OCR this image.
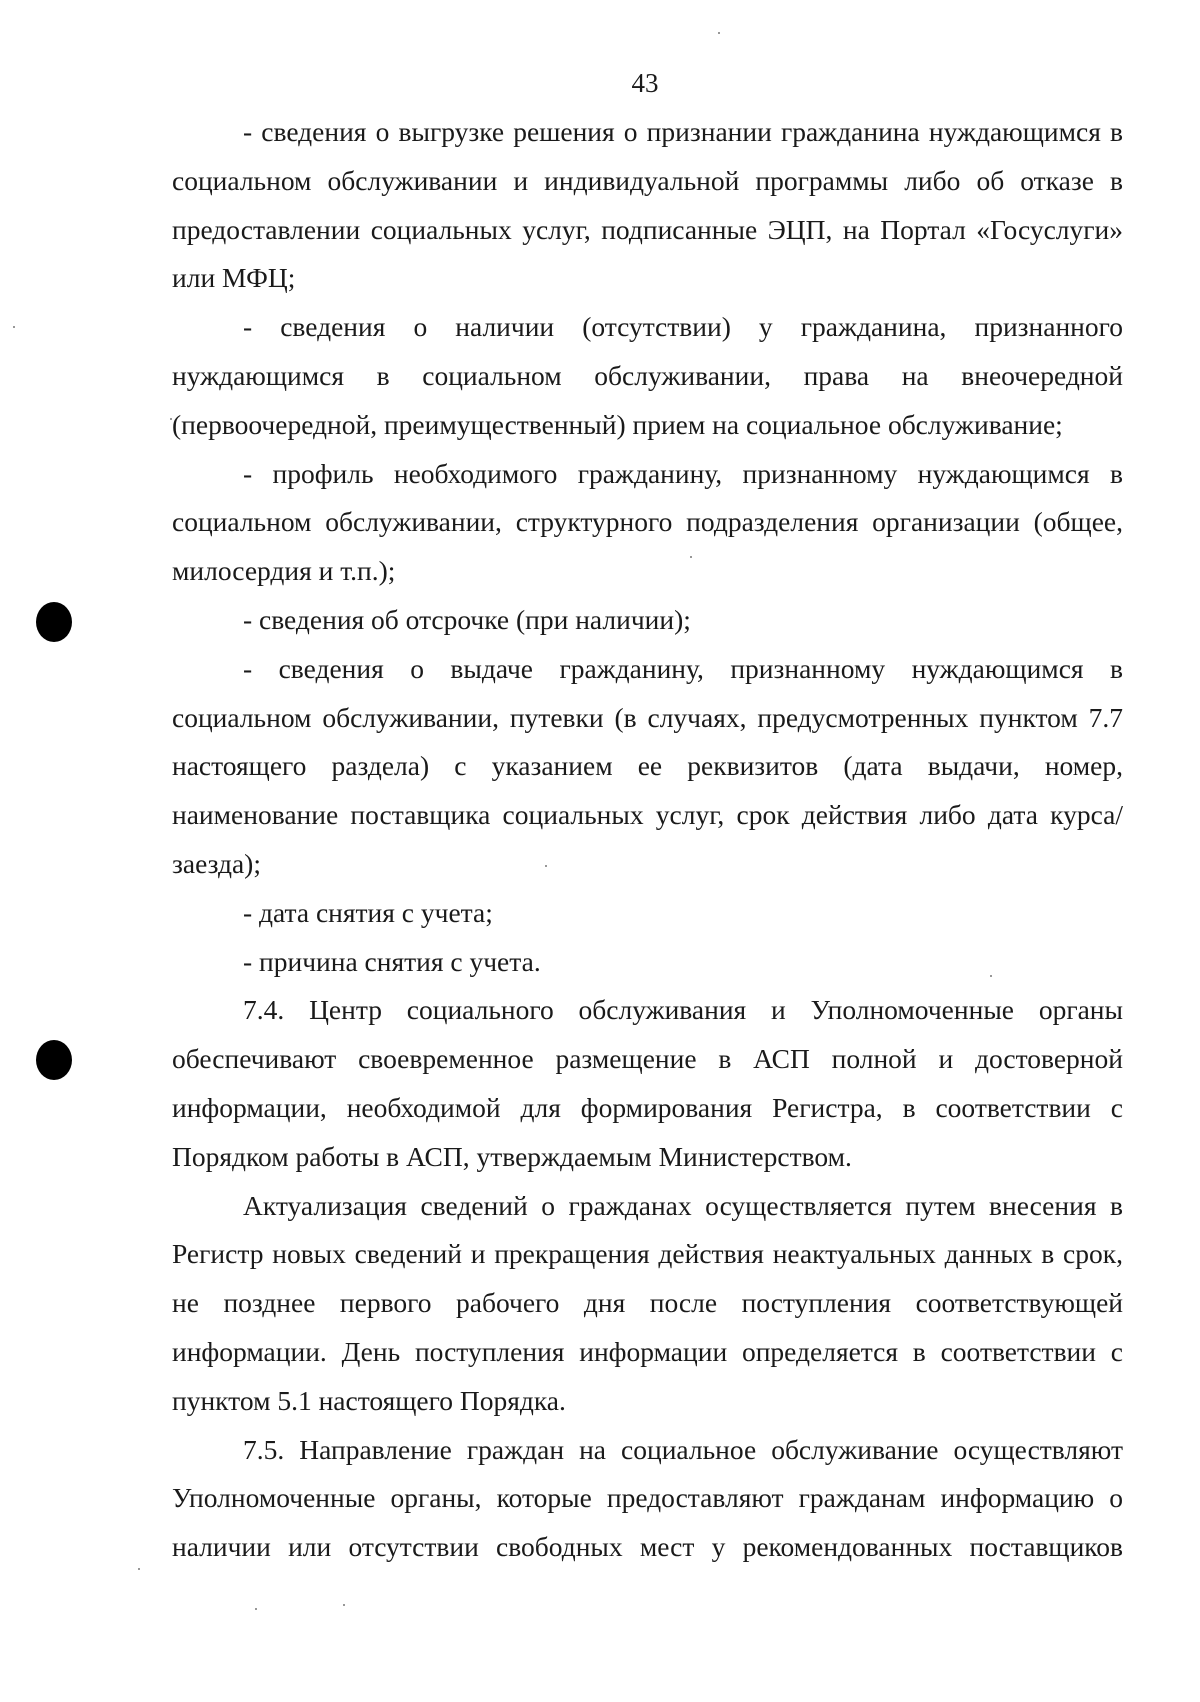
43

- сведения о выгрузке решения о признании гражданина нуждающимся в социальном обслуживании и индивидуальной программы либо об отказе в предоставлении социальных услуг, подписанные ЭЦП, на Портал «Госуслуги» или МФЦ;

- сведения о наличии (отсутствии) у гражданина, признанного нуждающимся в социальном обслуживании, права на внеочередной (первоочередной, преимущественный) прием на социальное обслуживание;

- профиль необходимого гражданину, признанному нуждающимся в социальном обслуживании, структурного подразделения организации (общее, милосердия и т.п.);

- сведения об отсрочке (при наличии);

- сведения о выдаче гражданину, признанному нуждающимся в социальном обслуживании, путевки (в случаях, предусмотренных пунктом 7.7 настоящего раздела) с указанием ее реквизитов (дата выдачи, номер, наименование поставщика социальных услуг, срок действия либо дата курса/заезда);

- дата снятия с учета;

- причина снятия с учета.

7.4. Центр социального обслуживания и Уполномоченные органы обеспечивают своевременное размещение в АСП полной и достоверной информации, необходимой для формирования Регистра, в соответствии с Порядком работы в АСП, утверждаемым Министерством.

Актуализация сведений о гражданах осуществляется путем внесения в Регистр новых сведений и прекращения действия неактуальных данных в срок, не позднее первого рабочего дня после поступления соответствующей информации. День поступления информации определяется в соответствии с пунктом 5.1 настоящего Порядка.

7.5. Направление граждан на социальное обслуживание осуществляют Уполномоченные органы, которые предоставляют гражданам информацию о наличии или отсутствии свободных мест у рекомендованных поставщиков
